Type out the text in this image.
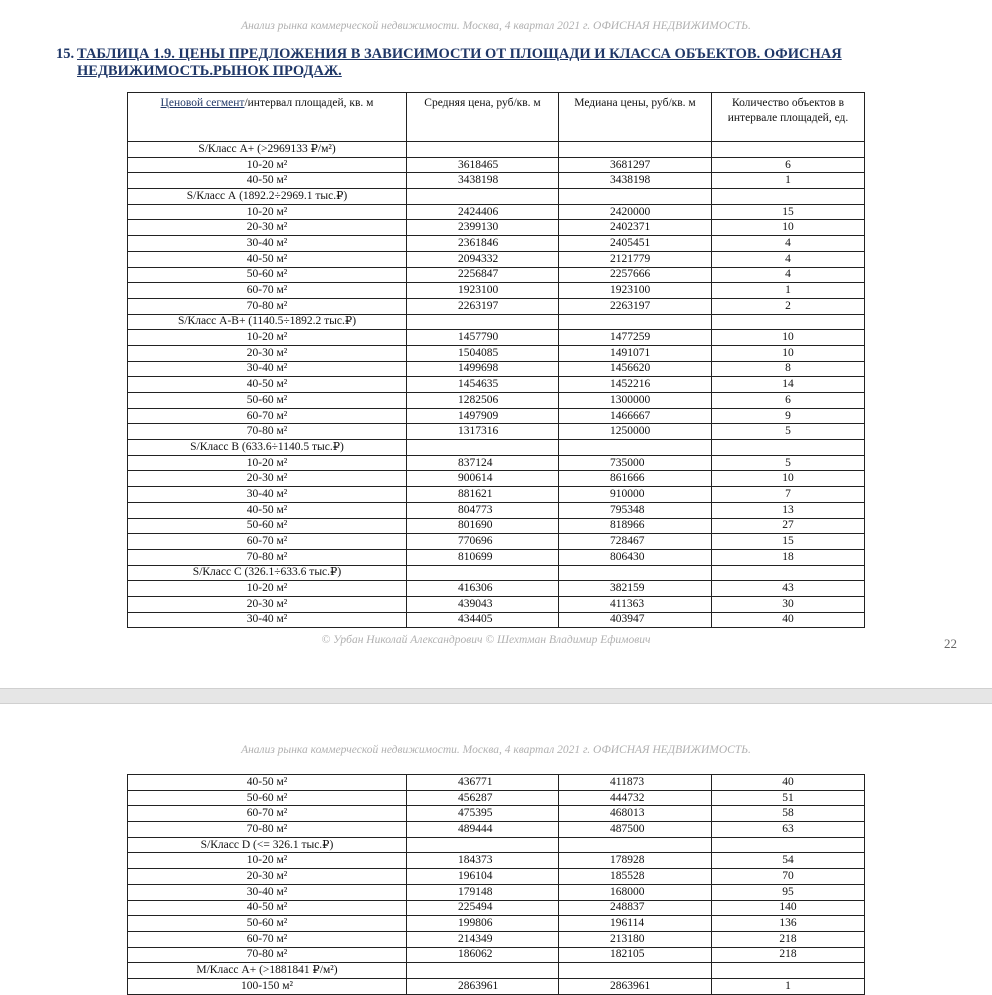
Анализ рынка коммерческой недвижимости. Москва, 4 квартал 2021 г. ОФИСНАЯ НЕДВИЖИМОСТЬ.
15. ТАБЛИЦА 1.9. ЦЕНЫ ПРЕДЛОЖЕНИЯ В ЗАВИСИМОСТИ ОТ ПЛОЩАДИ И КЛАССА ОБЪЕКТОВ. ОФИСНАЯ
НЕДВИЖИМОСТЬ.РЫНОК ПРОДАЖ.
Ценовой сегмент/интервал площадей, кв. м	Средняя цена, руб/кв. м	Медиана цены, руб/кв. м	Количество объектов в интервале площадей, ед.
S/Класс А+ (>2969133 ₽/м²)			
10-20 м²	3618465	3681297	6
40-50 м²	3438198	3438198	1
S/Класс А (1892.2÷2969.1 тыс.₽)			
10-20 м²	2424406	2420000	15
20-30 м²	2399130	2402371	10
30-40 м²	2361846	2405451	4
40-50 м²	2094332	2121779	4
50-60 м²	2256847	2257666	4
60-70 м²	1923100	1923100	1
70-80 м²	2263197	2263197	2
S/Класс А-В+ (1140.5÷1892.2 тыс.₽)			
10-20 м²	1457790	1477259	10
20-30 м²	1504085	1491071	10
30-40 м²	1499698	1456620	8
40-50 м²	1454635	1452216	14
50-60 м²	1282506	1300000	6
60-70 м²	1497909	1466667	9
70-80 м²	1317316	1250000	5
S/Класс В (633.6÷1140.5 тыс.₽)			
10-20 м²	837124	735000	5
20-30 м²	900614	861666	10
30-40 м²	881621	910000	7
40-50 м²	804773	795348	13
50-60 м²	801690	818966	27
60-70 м²	770696	728467	15
70-80 м²	810699	806430	18
S/Класс С (326.1÷633.6 тыс.₽)			
10-20 м²	416306	382159	43
20-30 м²	439043	411363	30
30-40 м²	434405	403947	40
© Урбан Николай Александрович © Шехтман Владимир Ефимович	22
Анализ рынка коммерческой недвижимости. Москва, 4 квартал 2021 г. ОФИСНАЯ НЕДВИЖИМОСТЬ.
40-50 м²	436771	411873	40
50-60 м²	456287	444732	51
60-70 м²	475395	468013	58
70-80 м²	489444	487500	63
S/Класс D (<= 326.1 тыс.₽)			
10-20 м²	184373	178928	54
20-30 м²	196104	185528	70
30-40 м²	179148	168000	95
40-50 м²	225494	248837	140
50-60 м²	199806	196114	136
60-70 м²	214349	213180	218
70-80 м²	186062	182105	218
M/Класс А+ (>1881841 ₽/м²)			
100-150 м²	2863961	2863961	1
